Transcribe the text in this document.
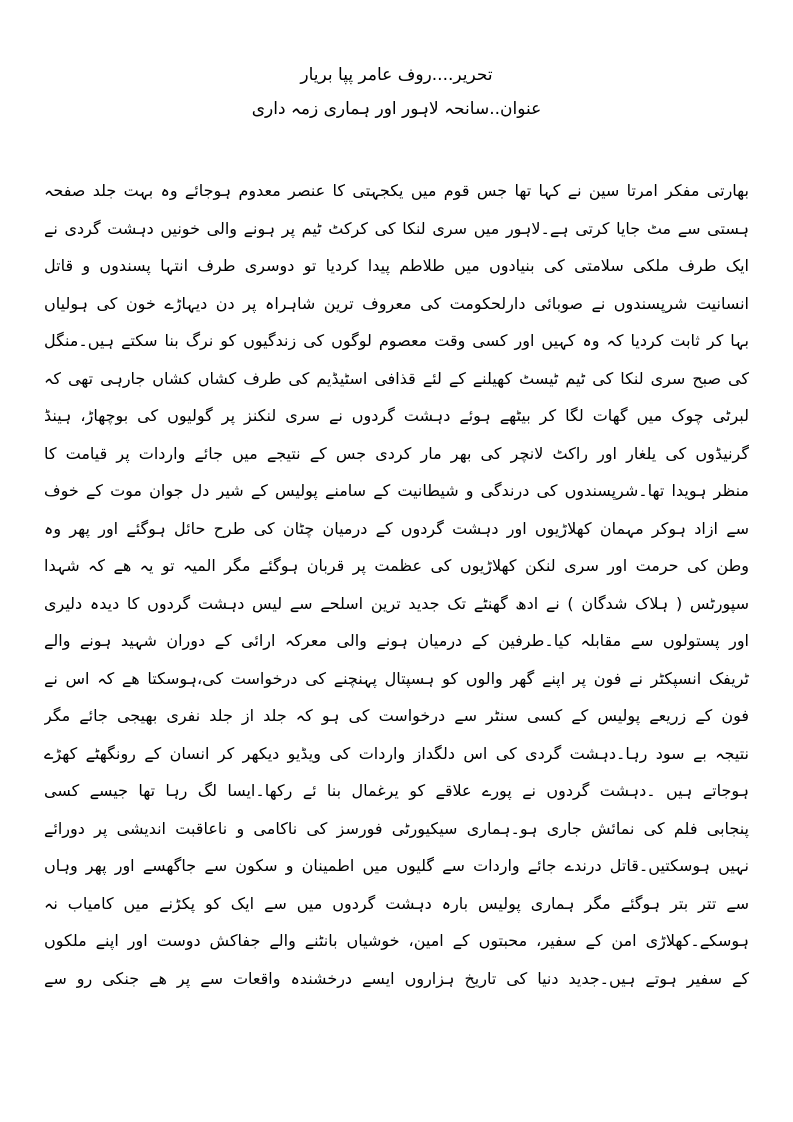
تحریر....روف عامر پپا بریار
عنوان..سانحہ لاہور اور ہماری زمہ داری
بھارتی مفکر امرتا سین نے کہا تھا جس قوم میں یکجہتی کا عنصر معدوم ہوجائے وہ بہت جلد صفحہ
ہستی سے مٹ جایا کرتی ہے۔لاہور میں سری لنکا کی کرکٹ ٹیم پر ہونے والی خونیں دہشت گردی نے
ایک طرف ملکی سلامتی کی بنیادوں میں طلاطم پیدا کردیا تو دوسری طرف انتہا پسندوں و قاتل
انسانیت شرپسندوں نے صوبائی دارلحکومت کی معروف ترین شاہراہ پر دن دیہاڑے خون کی ہولیاں
بہا کر ثابت کردیا کہ وہ کہیں اور کسی وقت معصوم لوگوں کی زندگیوں کو نرگ بنا سکتے ہیں۔منگل
کی صبح سری لنکا کی ٹیم ٹیسٹ کھیلنے کے لئے قذافی اسٹیڈیم کی طرف کشاں کشاں جارہی تھی کہ
لبرٹی چوک میں گھات لگا کر بیٹھے ہوئے دہشت گردوں نے سری لنکنز پر گولیوں کی بوچھاڑ، ہینڈ
گرنیڈوں کی یلغار اور راکٹ لانچر کی بھر مار کردی جس کے نتیجے میں جائے واردات پر قیامت کا
منظر ہویدا تھا۔شرپسندوں کی درندگی و شیطانیت کے سامنے پولیس کے شیر دل جوان موت کے خوف
سے ازاد ہوکر مہمان کھلاڑیوں اور دہشت گردوں کے درمیان چٹان کی طرح حائل ہوگئے اور پھر وہ
وطن کی حرمت اور سری لنکن کھلاڑیوں کی عظمت پر قربان ہوگئے مگر المیہ تو یہ ھے کہ شہدا
سپورٹس ( ہلاک شدگان ) نے ادھ گھنٹے تک جدید ترین اسلحے سے لیس دہشت گردوں کا دیدہ دلیری
اور پستولوں سے مقابلہ کیا۔طرفین کے درمیان ہونے والی معرکہ ارائی کے دوران شہید ہونے والے
ٹریفک انسپکٹر نے فون پر اپنے گھر والوں کو ہسپتال پہنچنے کی درخواست کی،ہوسکتا ھے کہ اس نے
فون کے زریعے پولیس کے کسی سنٹر سے درخواست کی ہو کہ جلد از جلد نفری بھیجی جائے مگر
نتیجہ بے سود رہا۔دہشت گردی کی اس دلگداز واردات کی ویڈیو دیکھر کر انسان کے رونگھٹے کھڑے
ہوجاتے ہیں ۔دہشت گردوں نے پورے علاقے کو یرغمال بنا ئے رکھا۔ایسا لگ رہا تھا جیسے کسی
پنجابی فلم کی نمائش جاری ہو۔ہماری سیکیورٹی فورسز کی ناکامی و ناعاقبت اندیشی پر دورائے
نہیں ہوسکتیں۔قاتل درندے جائے واردات سے گلیوں میں اطمینان و سکون سے جاگھسے اور پھر وہاں
سے تتر بتر ہوگئے مگر ہماری پولیس بارہ دہشت گردوں میں سے ایک کو پکڑنے میں کامیاب نہ
ہوسکے۔کھلاڑی امن کے سفیر، محبتوں کے امین، خوشیاں بانٹنے والے جفاکش دوست اور اپنے ملکوں
کے سفیر ہوتے ہیں۔جدید دنیا کی تاریخ ہزاروں ایسے درخشندہ واقعات سے پر ھے جنکی رو سے
